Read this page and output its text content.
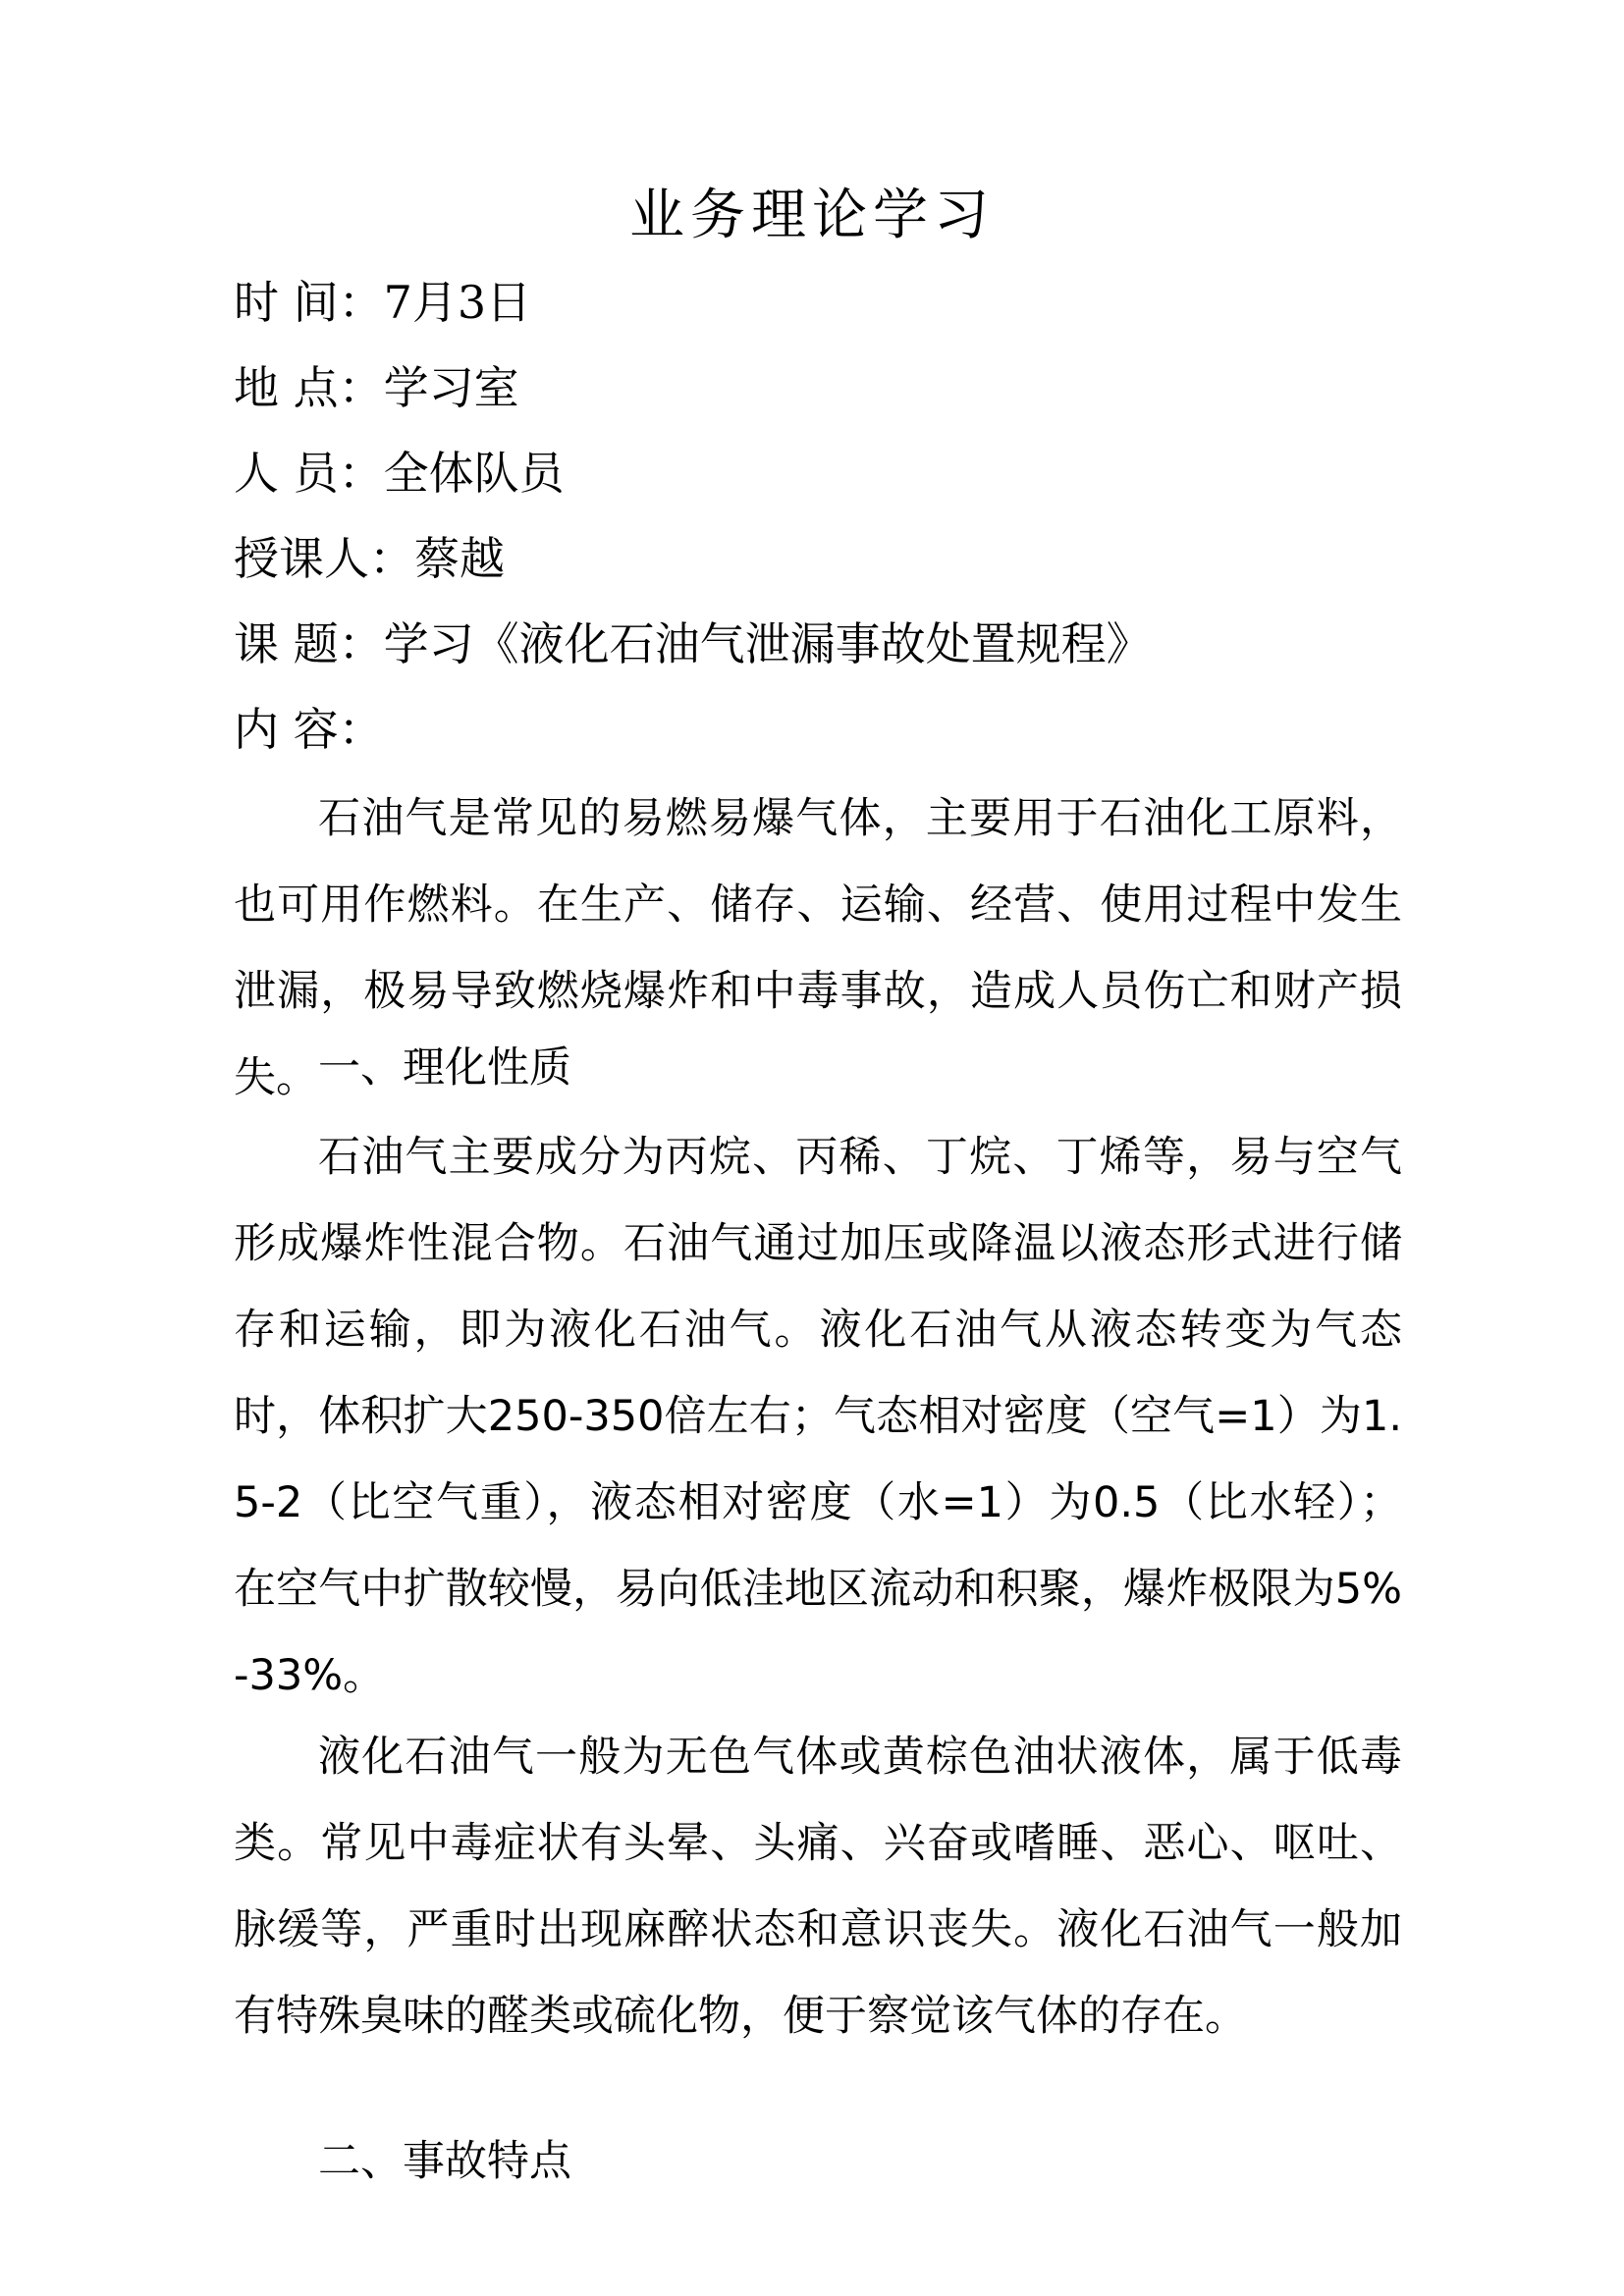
业务理论学习
时 间：7月3日
地 点：学习室
人 员：全体队员
授课人：蔡越
课 题：学习《液化石油气泄漏事故处置规程》
内 容：
石油气是常见的易燃易爆气体，主要用于石油化工原料，也可用作燃料。在生产、储存、运输、经营、使用过程中发生泄漏，极易导致燃烧爆炸和中毒事故，造成人员伤亡和财产损失。 一、理化性质
石油气主要成分为丙烷、丙稀、丁烷、丁烯等，易与空气形成爆炸性混合物。石油气通过加压或降温以液态形式进行储存和运输，即为液化石油气。液化石油气从液态转变为气态时，体积扩大250-350倍左右；气态相对密度（空气=1）为1.5-2（比空气重），液态相对密度（水=1）为0.5（比水轻）；在空气中扩散较慢，易向低洼地区流动和积聚，爆炸极限为5%-33%。
液化石油气一般为无色气体或黄棕色油状液体，属于低毒类。常见中毒症状有头晕、头痛、兴奋或嗜睡、恶心、呕吐、脉缓等，严重时出现麻醉状态和意识丧失。液化石油气一般加有特殊臭味的醛类或硫化物，便于察觉该气体的存在。
二、事故特点
